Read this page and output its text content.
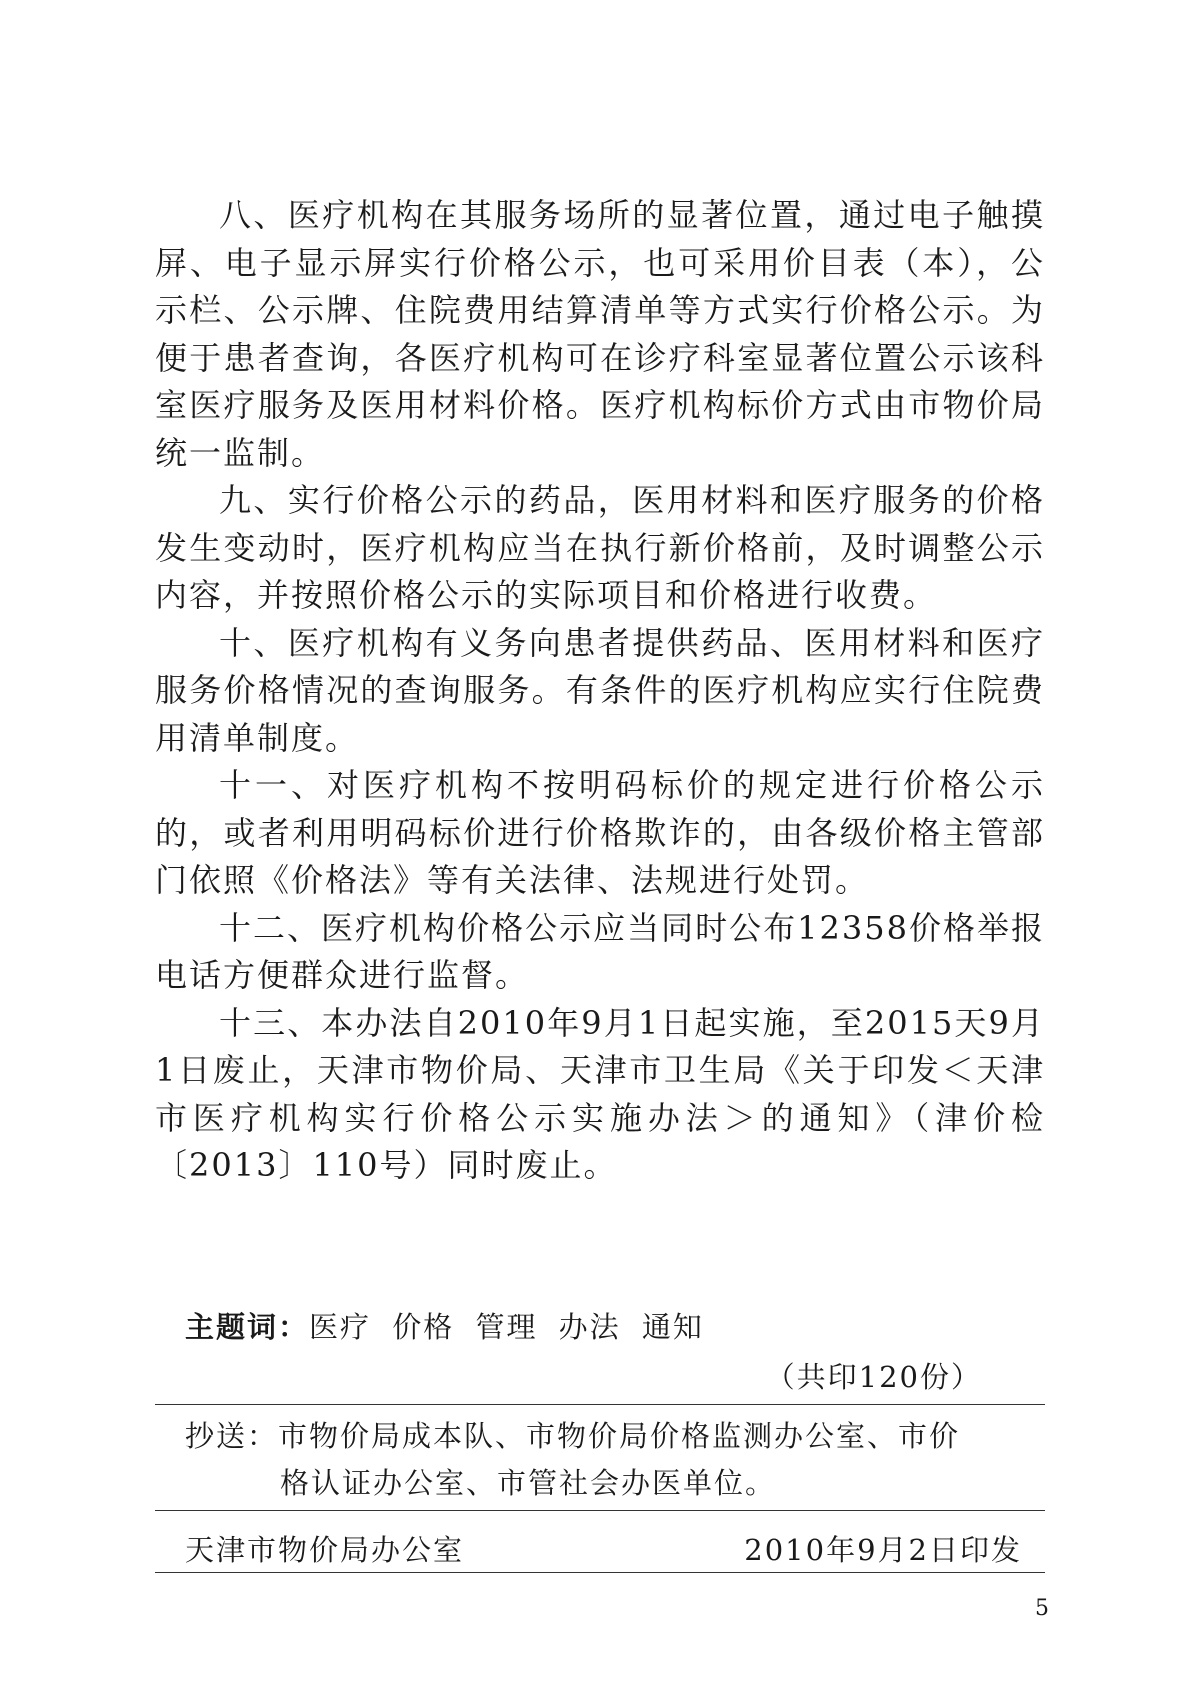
八、医疗机构在其服务场所的显著位置，通过电子触摸屏、电子显示屏实行价格公示，也可采用价目表（本），公示栏、公示牌、住院费用结算清单等方式实行价格公示。为便于患者查询，各医疗机构可在诊疗科室显著位置公示该科室医疗服务及医用材料价格。医疗机构标价方式由市物价局统一监制。

九、实行价格公示的药品，医用材料和医疗服务的价格发生变动时，医疗机构应当在执行新价格前，及时调整公示内容，并按照价格公示的实际项目和价格进行收费。

十、医疗机构有义务向患者提供药品、医用材料和医疗服务价格情况的查询服务。有条件的医疗机构应实行住院费用清单制度。

十一、对医疗机构不按明码标价的规定进行价格公示的，或者利用明码标价进行价格欺诈的，由各级价格主管部门依照《价格法》等有关法律、法规进行处罚。

十二、医疗机构价格公示应当同时公布12358价格举报电话方便群众进行监督。

十三、本办法自2010年9月1日起实施，至2015天9月1日废止，天津市物价局、天津市卫生局《关于印发＜天津市医疗机构实行价格公示实施办法＞的通知》（津价检〔2013〕110号）同时废止。

主题词：医疗 价格 管理 办法 通知
（共印120份）
抄送：市物价局成本队、市物价局价格监测办公室、市价
格认证办公室、市管社会办医单位。
天津市物价局办公室	2010年9月2日印发
5
